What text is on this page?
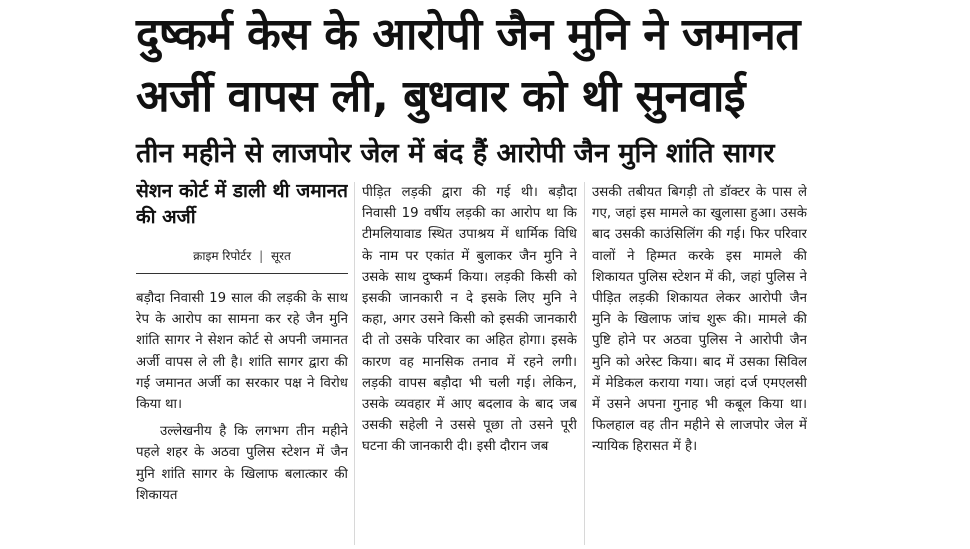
दुष्कर्म केस के आरोपी जैन मुनि ने जमानत अर्जी वापस ली, बुधवार को थी सुनवाई
तीन महीने से लाजपोर जेल में बंद हैं आरोपी जैन मुनि शांति सागर
सेशन कोर्ट में डाली थी जमानत की अर्जी
क्राइम रिपोर्टर | सूरत

बड़ौदा निवासी 19 साल की लड़की के साथ रेप के आरोप का सामना कर रहे जैन मुनि शांति सागर ने सेशन कोर्ट से अपनी जमानत अर्जी वापस ले ली है। शांति सागर द्वारा की गई जमानत अर्जी का सरकार पक्ष ने विरोध किया था।

उल्लेखनीय है कि लगभग तीन महीने पहले शहर के अठवा पुलिस स्टेशन में जैन मुनि शांति सागर के खिलाफ बलात्कार की शिकायत

पीड़ित लड़की द्वारा की गई थी। बड़ौदा निवासी 19 वर्षीय लड़की का आरोप था कि टीमलियावाड स्थित उपाश्रय में धार्मिक विधि के नाम पर एकांत में बुलाकर जैन मुनि ने उसके साथ दुष्कर्म किया। लड़की किसी को इसकी जानकारी न दे इसके लिए मुनि ने कहा, अगर उसने किसी को इसकी जानकारी दी तो उसके परिवार का अहित होगा। इसके कारण वह मानसिक तनाव में रहने लगी। लड़की वापस बड़ौदा भी चली गई। लेकिन, उसके व्यवहार में आए बदलाव के बाद जब उसकी सहेली ने उससे पूछा तो उसने पूरी घटना की जानकारी दी। इसी दौरान जब

उसकी तबीयत बिगड़ी तो डॉक्टर के पास ले गए, जहां इस मामले का खुलासा हुआ। उसके बाद उसकी काउंसिलिंग की गई। फिर परिवार वालों ने हिम्मत करके इस मामले की शिकायत पुलिस स्टेशन में की, जहां पुलिस ने पीड़ित लड़की शिकायत लेकर आरोपी जैन मुनि के खिलाफ जांच शुरू की। मामले की पुष्टि होने पर अठवा पुलिस ने आरोपी जैन मुनि को अरेस्ट किया। बाद में उसका सिविल में मेडिकल कराया गया। जहां दर्ज एमएलसी में उसने अपना गुनाह भी कबूल किया था। फिलहाल वह तीन महीने से लाजपोर जेल में न्यायिक हिरासत में है।
